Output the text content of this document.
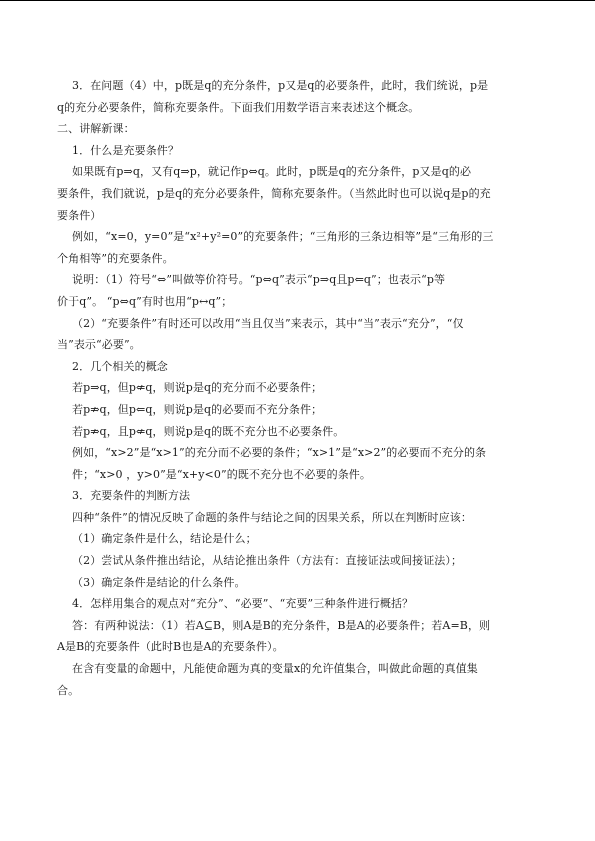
3．在问题（4）中，p既是q的充分条件，p又是q的必要条件，此时，我们统说，p是

q的充分必要条件，简称充要条件。下面我们用数学语言来表述这个概念。

二、讲解新课：

1．什么是充要条件？

如果既有p⇒q，又有q⇒p，就记作p⇔q。此时，p既是q的充分条件，p又是q的必

要条件，我们就说，p是q的充分必要条件，简称充要条件。（当然此时也可以说q是p的充

要条件）

例如，“x=0，y=0”是“x²+y²=0”的充要条件；“三角形的三条边相等”是“三角形的三

个角相等”的充要条件。

说明：（1）符号“⇔”叫做等价符号。“p⇔q”表示“p⇒q且p⇐q”；也表示“p等

价于q”。 “p⇔q”有时也用“p↔q”；

（2）“充要条件”有时还可以改用“当且仅当”来表示，其中“当”表示“充分”，“仅

当”表示“必要”。

2．几个相关的概念

若p⇒q，但p⇍q，则说p是q的充分而不必要条件；

若p⇏q，但p⇐q，则说p是q的必要而不充分条件；

若p⇏q，且p⇍q，则说p是q的既不充分也不必要条件。

例如，“x>2”是“x>1”的充分而不必要的条件；“x>1”是“x>2”的必要而不充分的条

件；“x>0 ，y>0”是“x+y<0”的既不充分也不必要的条件。

3．充要条件的判断方法

四种“条件”的情况反映了命题的条件与结论之间的因果关系，所以在判断时应该：

（1）确定条件是什么，结论是什么；

（2）尝试从条件推出结论，从结论推出条件（方法有：直接证法或间接证法）；

（3）确定条件是结论的什么条件。

4．怎样用集合的观点对“充分”、“必要”、“充要”三种条件进行概括？

答：有两种说法：（1）若A⊆B，则A是B的充分条件，B是A的必要条件；若A=B，则

A是B的充要条件（此时B也是A的充要条件）。

在含有变量的命题中，凡能使命题为真的变量x的允许值集合，叫做此命题的真值集

合。
